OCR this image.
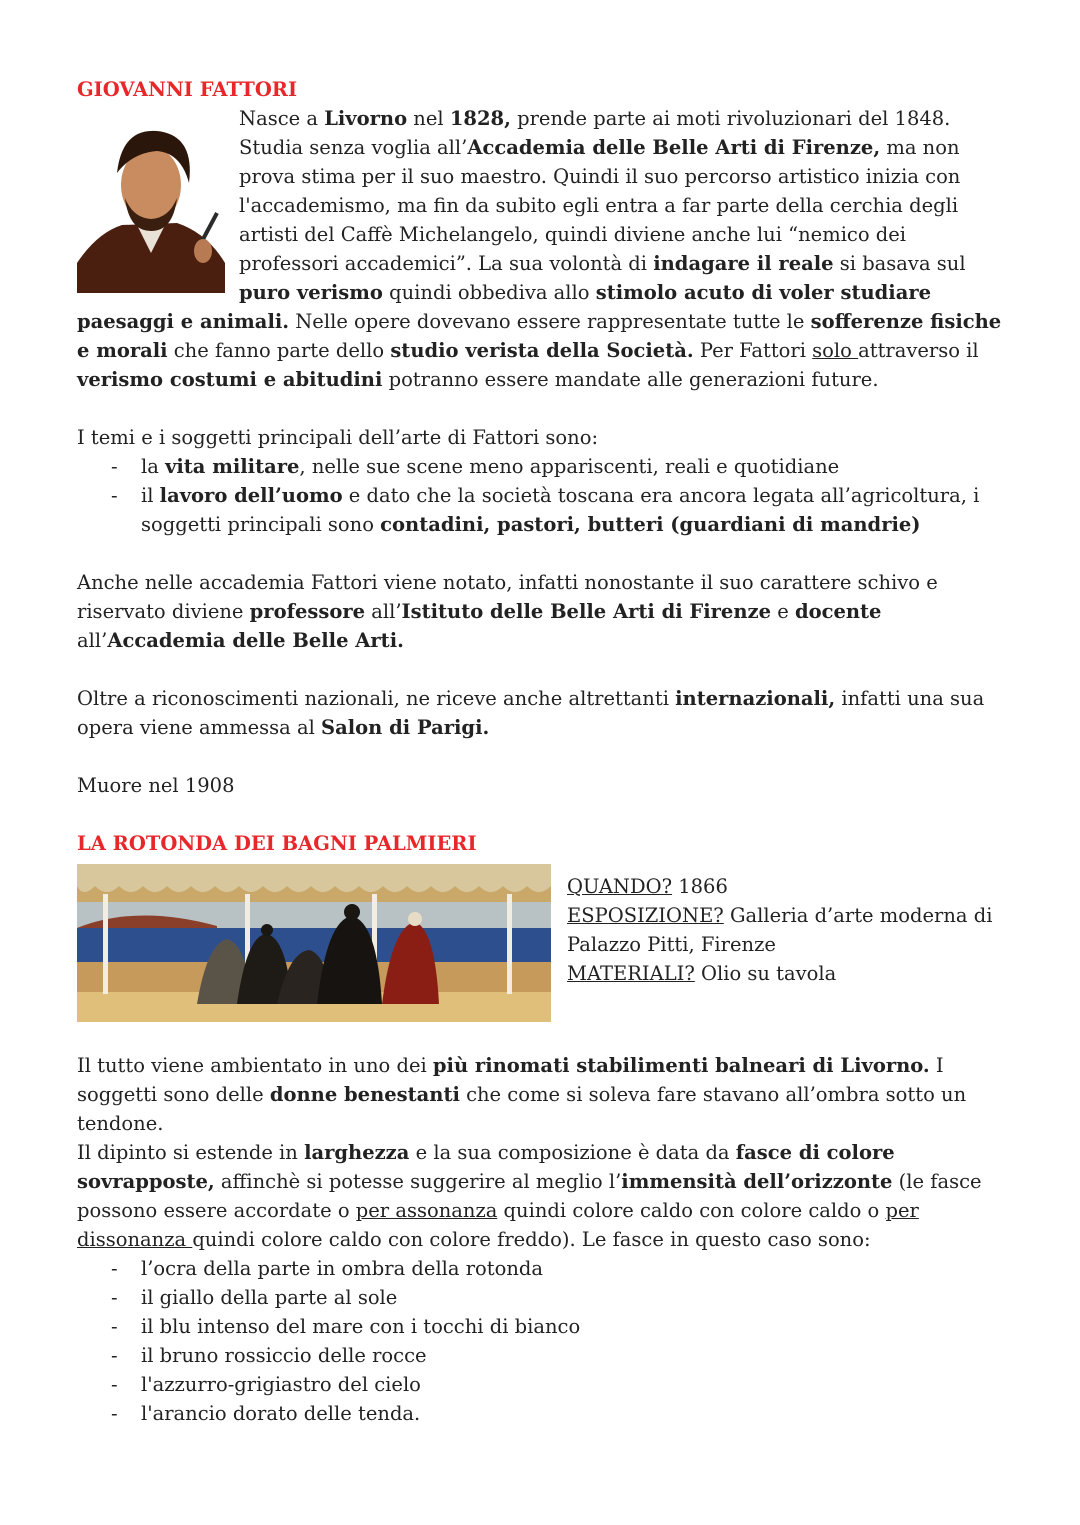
GIOVANNI FATTORI

Nasce a Livorno nel 1828, prende parte ai moti rivoluzionari del 1848. Studia senza voglia all’Accademia delle Belle Arti di Firenze, ma non prova stima per il suo maestro. Quindi il suo percorso artistico inizia con l'accademismo, ma fin da subito egli entra a far parte della cerchia degli artisti del Caffè Michelangelo, quindi diviene anche lui “nemico dei professori accademici”. La sua volontà di indagare il reale si basava sul puro verismo quindi obbediva allo stimolo acuto di voler studiare paesaggi e animali. Nelle opere dovevano essere rappresentate tutte le sofferenze fisiche e morali che fanno parte dello studio verista della Società. Per Fattori solo attraverso il verismo costumi e abitudini potranno essere mandate alle generazioni future.

I temi e i soggetti principali dell’arte di Fattori sono:

- la vita militare, nelle sue scene meno appariscenti, reali e quotidiane
- il lavoro dell’uomo e dato che la società toscana era ancora legata all’agricoltura, i soggetti principali sono contadini, pastori, butteri (guardiani di mandrie)

Anche nelle accademia Fattori viene notato, infatti nonostante il suo carattere schivo e riservato diviene professore all’Istituto delle Belle Arti di Firenze e docente all’Accademia delle Belle Arti.

Oltre a riconoscimenti nazionali, ne riceve anche altrettanti internazionali, infatti una sua opera viene ammessa al Salon di Parigi.

Muore nel 1908

LA ROTONDA DEI BAGNI PALMIERI
QUANDO? 1866
ESPOSIZIONE? Galleria d’arte moderna di Palazzo Pitti, Firenze
MATERIALI? Olio su tavola

Il tutto viene ambientato in uno dei più rinomati stabilimenti balneari di Livorno. I soggetti sono delle donne benestanti che come si soleva fare stavano all’ombra sotto un tendone.
Il dipinto si estende in larghezza e la sua composizione è data da fasce di colore sovrapposte, affinchè si potesse suggerire al meglio l’immensità dell’orizzonte (le fasce possono essere accordate o per assonanza quindi colore caldo con colore caldo o per dissonanza quindi colore caldo con colore freddo). Le fasce in questo caso sono:

- l’ocra della parte in ombra della rotonda
- il giallo della parte al sole
- il blu intenso del mare con i tocchi di bianco
- il bruno rossiccio delle rocce
- l'azzurro-grigiastro del cielo
- l'arancio dorato delle tenda.
